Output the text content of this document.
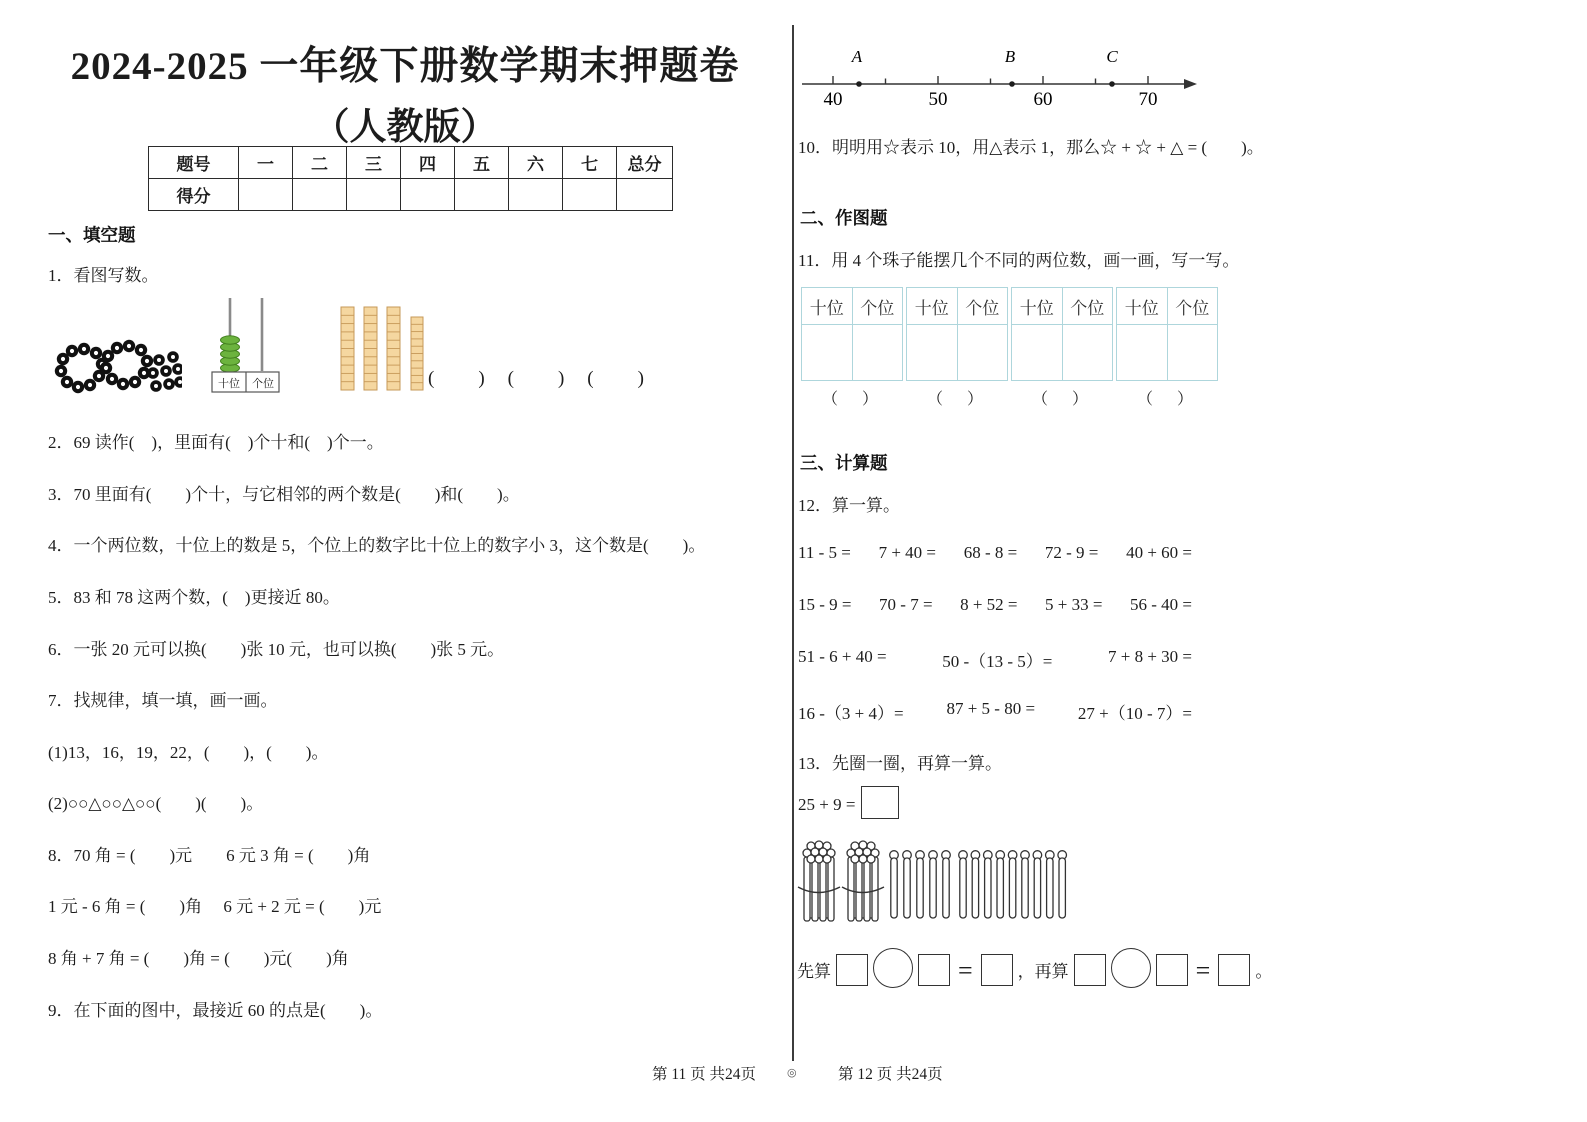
2024-2025 一年级下册数学期末押题卷
（人教版）
题号	一	二	三	四	五	六	七	总分
得分								
一、填空题
1．看图写数。
十位 个位	(　　)　(　　)　(　　)
2．69 读作(　)，里面有(　)个十和(　)个一。
3．70 里面有(　　)个十，与它相邻的两个数是(　　)和(　　)。
4．一个两位数，十位上的数是 5，个位上的数字比十位上的数字小 3，这个数是(　　)。
5．83 和 78 这两个数，(　)更接近 80。
6．一张 20 元可以换(　　)张 10 元，也可以换(　　)张 5 元。
7．找规律，填一填，画一画。
(1)13，16，19，22，(　　)，(　　)。
(2)○○△○○△○○(　　)(　　)。
8．70 角 = (　　)元　　6 元 3 角 = (　　)角
1 元 - 6 角 = (　　)角　 6 元 + 2 元 = (　　)元
8 角 + 7 角 = (　　)角 = (　　)元(　　)角
9．在下面的图中，最接近 60 的点是(　　)。
40	50	60	70
A	B	C
10．明明用☆表示 10，用△表示 1，那么☆ + ☆ + △ = (　　)。
二、作图题
11．用 4 个珠子能摆几个不同的两位数，画一画，写一写。
十位	个位

（　）
十位	个位

（　）
十位	个位

（　）
十位	个位

（　）
三、计算题
12．算一算。
11 - 5 = 7 + 40 = 68 - 8 = 72 - 9 = 40 + 60 =
15 - 9 = 70 - 7 = 8 + 52 = 5 + 33 = 56 - 40 =
51 - 6 + 40 =	50 -（13 - 5）=	7 + 8 + 30 =
16 -（3 + 4）=	87 + 5 - 80 =	27 +（10 - 7）=
13．先圈一圈，再算一算。
25 + 9 =
先算	=	，再算	=	。
第 11 页 共24页	◎	第 12 页 共24页
